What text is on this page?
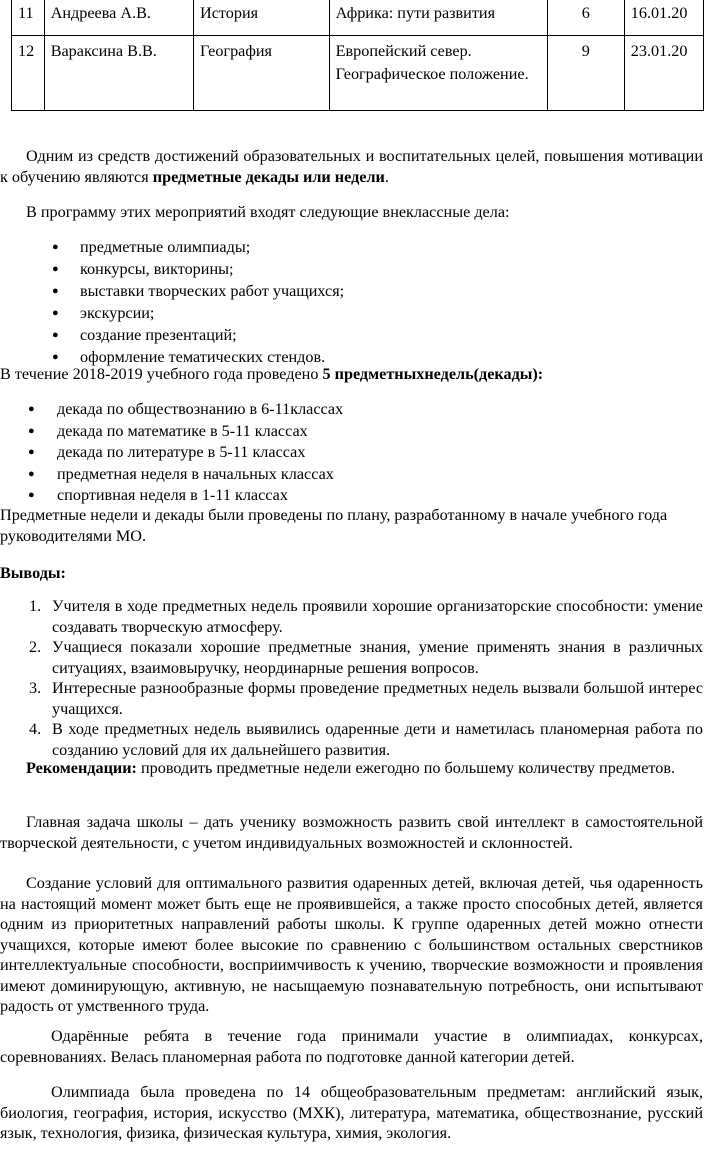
11	Андреева А.В.	История	Африка: пути развития	6	16.01.20
12	Вараксина В.В.	География	Европейский север. Географическое положение.	9	23.01.20
Одним из средств достижений образовательных и воспитательных целей, повышения мотивации к обучению являются предметные декады или недели.
В программу этих мероприятий входят следующие внеклассные дела:
● предметные олимпиады;
● конкурсы, викторины;
● выставки творческих работ учащихся;
● экскурсии;
● создание презентаций;
● оформление тематических стендов.
В течение 2018-2019 учебного года проведено 5 предметныхнедель(декады):
● декада по обществознанию в 6-11классах
● декада по математике в 5-11 классах
● декада по литературе в 5-11 классах
● предметная неделя в начальных классах
● спортивная неделя в 1-11 классах
Предметные недели и декады были проведены по плану, разработанному в начале учебного года руководителями МО.
Выводы:
1. Учителя в ходе предметных недель проявили хорошие организаторские способности: умение создавать творческую атмосферу.
2. Учащиеся показали хорошие предметные знания, умение применять знания в различных ситуациях, взаимовыручку, неординарные решения вопросов.
3. Интересные разнообразные формы проведение предметных недель вызвали большой интерес учащихся.
4. В ходе предметных недель выявились одаренные дети и наметилась планомерная работа по созданию условий для их дальнейшего развития.
Рекомендации: проводить предметные недели ежегодно по большему количеству предметов.
Главная задача школы – дать ученику возможность развить свой интеллект в самостоятельной творческой деятельности, с учетом индивидуальных возможностей и склонностей.
Создание условий для оптимального развития одаренных детей, включая детей, чья одаренность на настоящий момент может быть еще не проявившейся, а также просто способных детей, является одним из приоритетных направлений работы школы. К группе одаренных детей можно отнести учащихся, которые имеют более высокие по сравнению с большинством остальных сверстников интеллектуальные способности, восприимчивость к учению, творческие возможности и проявления имеют доминирующую, активную, не насыщаемую познавательную потребность, они испытывают радость от умственного труда.
Одарённые ребята в течение года принимали участие в олимпиадах, конкурсах, соревнованиях. Велась планомерная работа по подготовке данной категории детей.
Олимпиада была проведена по 14 общеобразовательным предметам: английский язык, биология, география, история, искусство (МХК), литература, математика, обществознание, русский язык, технология, физика, физическая культура, химия, экология.
